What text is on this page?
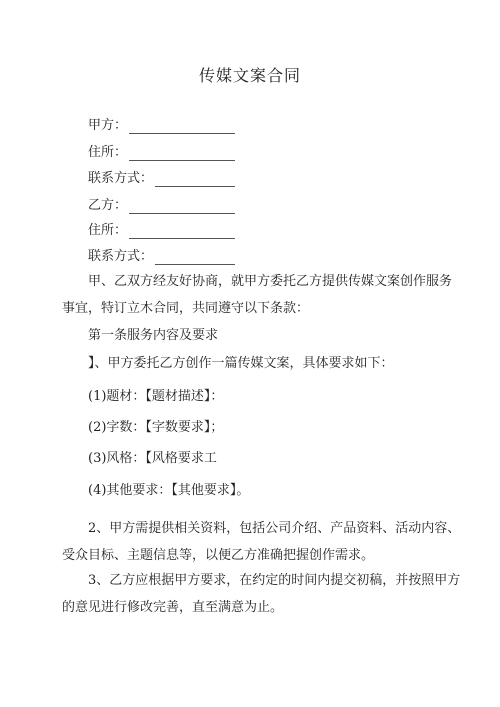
传媒文案合同
甲方：
住所：
联系方式：
乙方：
住所：
联系方式：
甲、乙双方经友好协商，就甲方委托乙方提供传媒文案创作服务事宜，特订立木合同，共同遵守以下条款：
第一条服务内容及要求
】、甲方委托乙方创作一篇传媒文案，具体要求如下：
(1)题材：【题材描述】：
(2)字数：【字数要求】；
(3)风格：【风格要求工
(4)其他要求：【其他要求】。
2、甲方需提供相关资料，包括公司介绍、产品资料、活动内容、受众目标、主题信息等，以便乙方准确把握创作需求。
3、乙方应根据甲方要求，在约定的时间内提交初稿，并按照甲方的意见进行修改完善，直至满意为止。
